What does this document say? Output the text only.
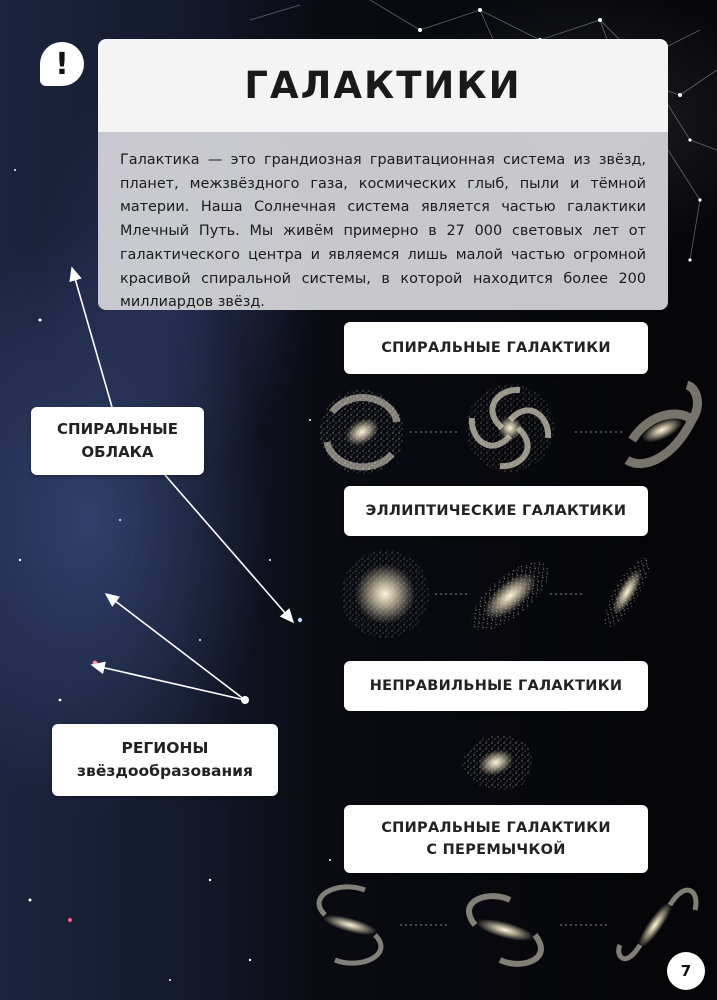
!	ГАЛАКТИКИ

Галактика — это грандиозная гравитационная система из звёзд, планет, межзвёздного газа, космических глыб, пыли и тёмной материи. Наша Солнечная система является частью галактики Млечный Путь. Мы живём примерно в 27 000 световых лет от галактического центра и являемся лишь малой частью огромной красивой спиральной системы, в которой находится более 200 миллиардов звёзд.

СПИРАЛЬНЫЕ ГАЛАКТИКИ
ЭЛЛИПТИЧЕСКИЕ ГАЛАКТИКИ
НЕПРАВИЛЬНЫЕ ГАЛАКТИКИ
СПИРАЛЬНЫЕ ГАЛАКТИКИ
С ПЕРЕМЫЧКОЙ
СПИРАЛЬНЫЕ
ОБЛАКА
РЕГИОНЫ
звёздообразования
7
